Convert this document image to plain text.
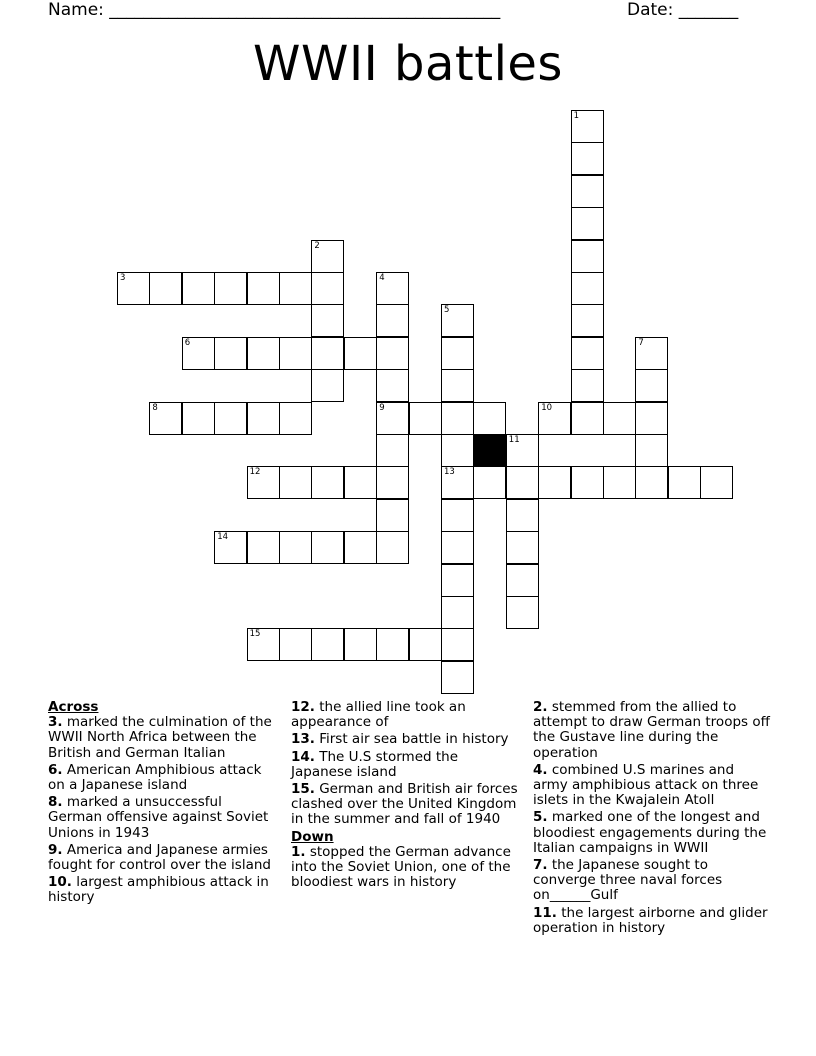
Name: ______________________________________________	Date: _______
WWII battles
1
2
3	4
9
5
13
6	7
8	10
11
12
14
15
Across
3. marked the culmination of the WWII North Africa between the British and German Italian
6. American Amphibious attack on a Japanese island
8. marked a unsuccessful German offensive against Soviet Unions in 1943
9. America and Japanese armies fought for control over the island
10. largest amphibious attack in history
12. the allied line took an appearance of
13. First air sea battle in history
14. The U.S stormed the Japanese island
15. German and British air forces clashed over the United Kingdom in the summer and fall of 1940
Down
1. stopped the German advance into the Soviet Union, one of the bloodiest wars in history
2. stemmed from the allied to attempt to draw German troops off the Gustave line during the operation
4. combined U.S marines and army amphibious attack on three islets in the Kwajalein Atoll
5. marked one of the longest and bloodiest engagements during the Italian campaigns in WWII
7. the Japanese sought to converge three naval forces on______Gulf
11. the largest airborne and glider operation in history
